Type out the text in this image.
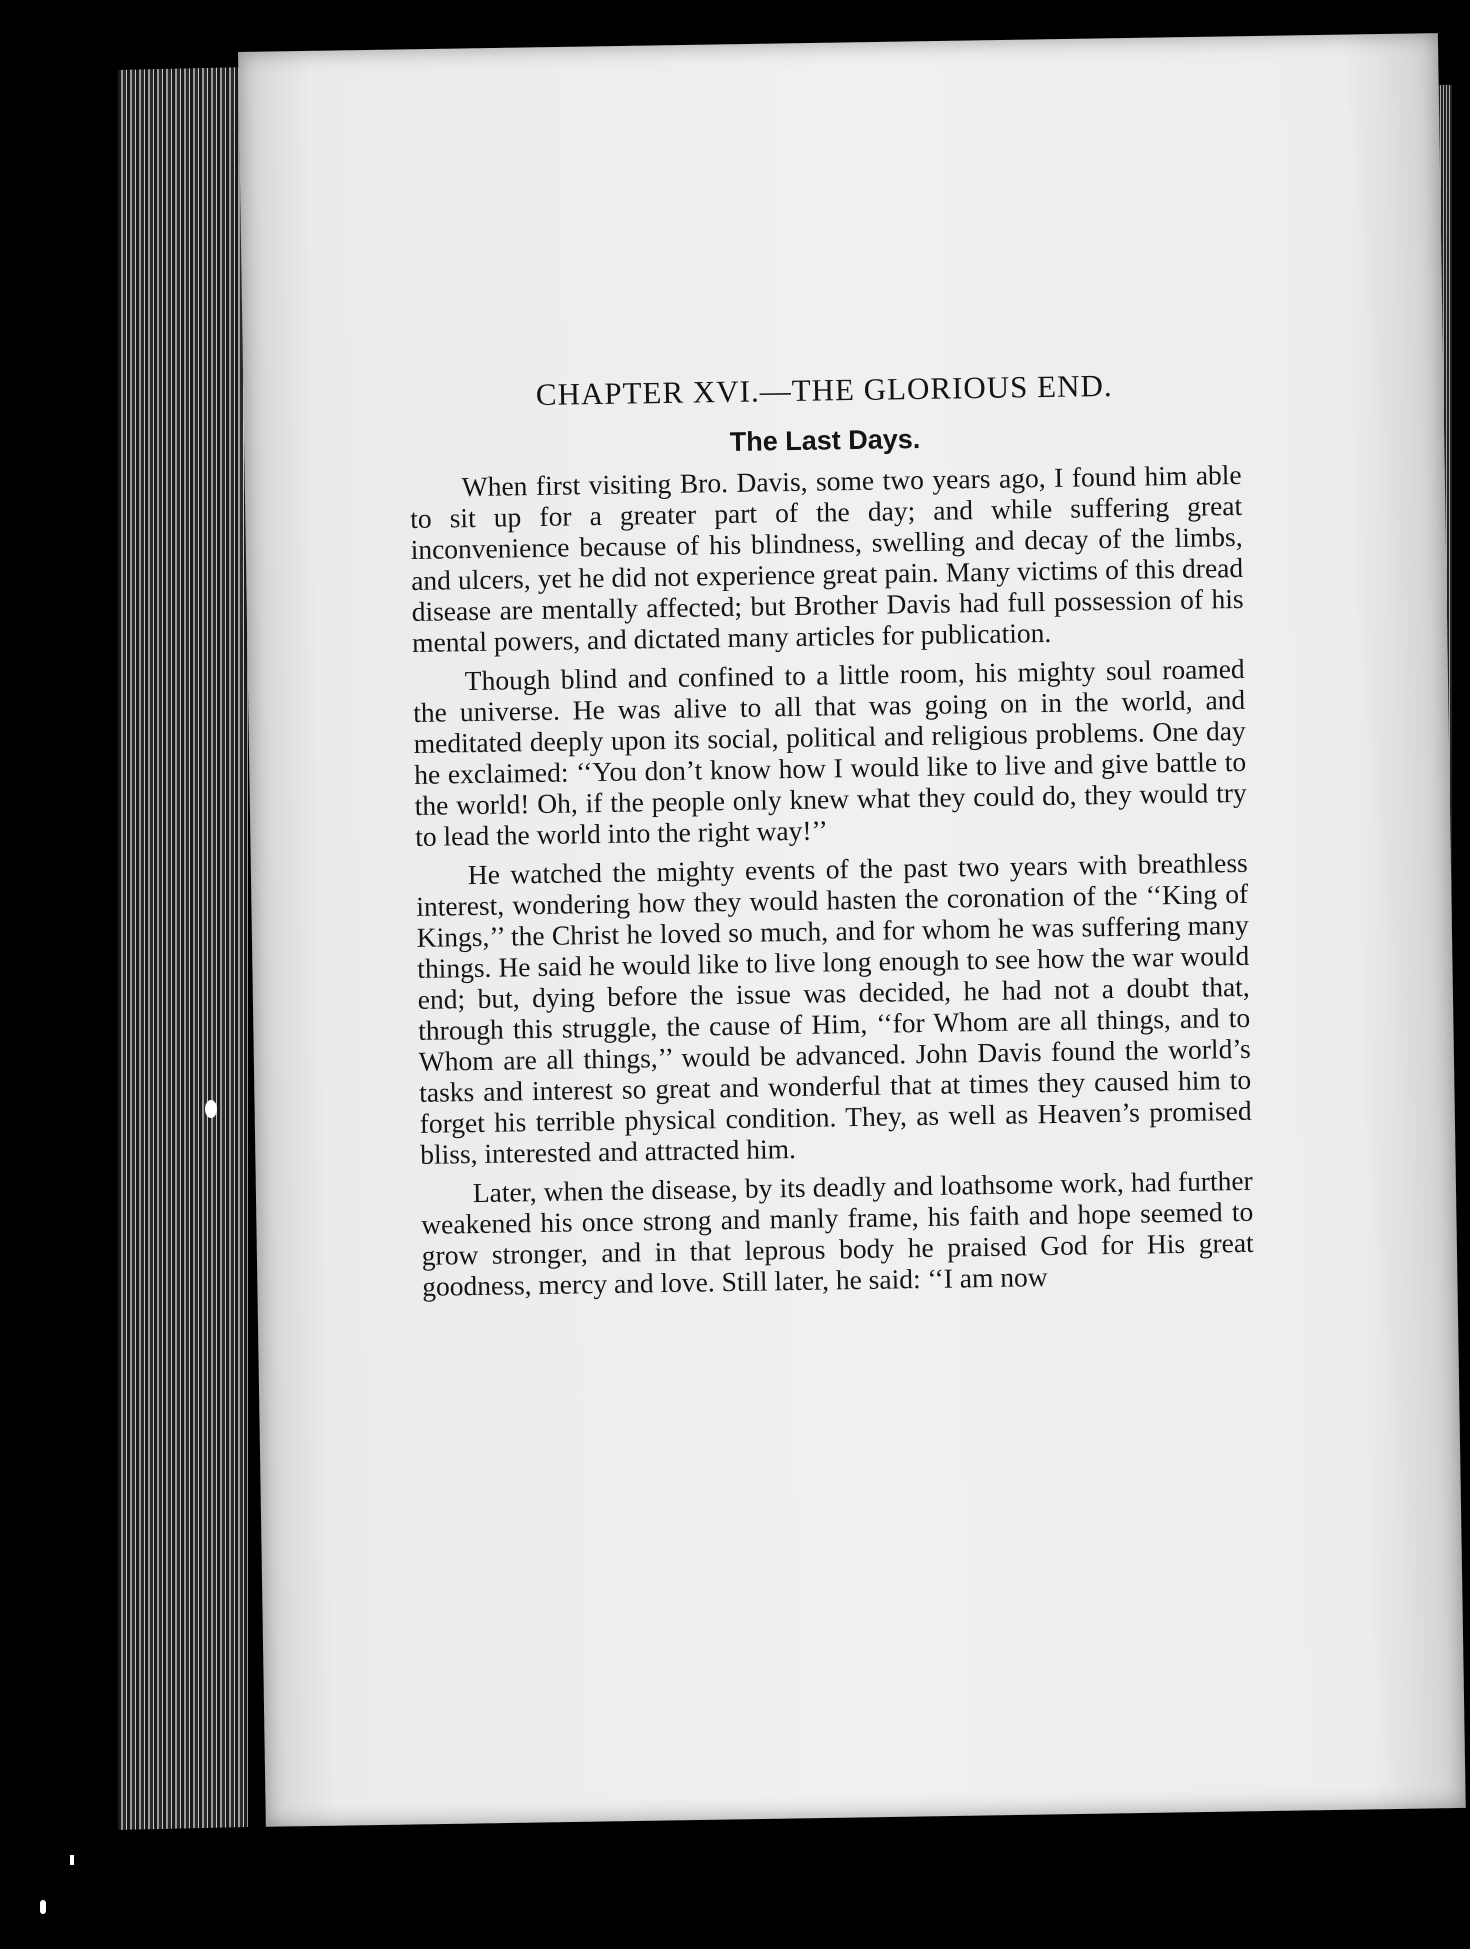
CHAPTER XVI.—THE GLORIOUS END.
The Last Days.

When first visiting Bro. Davis, some two years ago, I found him able to sit up for a greater part of the day; and while suffering great inconvenience because of his blindness, swelling and decay of the limbs, and ulcers, yet he did not experience great pain. Many victims of this dread disease are mentally affected; but Brother Davis had full possession of his mental powers, and dictated many articles for publication.

Though blind and confined to a little room, his mighty soul roamed the universe. He was alive to all that was going on in the world, and meditated deeply upon its social, political and religious problems. One day he exclaimed: ‘‘You don’t know how I would like to live and give battle to the world! Oh, if the people only knew what they could do, they would try to lead the world into the right way!’’

He watched the mighty events of the past two years with breathless interest, wondering how they would hasten the coronation of the ‘‘King of Kings,’’ the Christ he loved so much, and for whom he was suffering many things. He said he would like to live long enough to see how the war would end; but, dying before the issue was decided, he had not a doubt that, through this struggle, the cause of Him, ‘‘for Whom are all things, and to Whom are all things,’’ would be advanced. John Davis found the world’s tasks and interest so great and wonderful that at times they caused him to forget his terrible physical condition. They, as well as Heaven’s promised bliss, interested and attracted him.

Later, when the disease, by its deadly and loathsome work, had further weakened his once strong and manly frame, his faith and hope seemed to grow stronger, and in that leprous body he praised God for His great goodness, mercy and love. Still later, he said: ‘‘I am now
